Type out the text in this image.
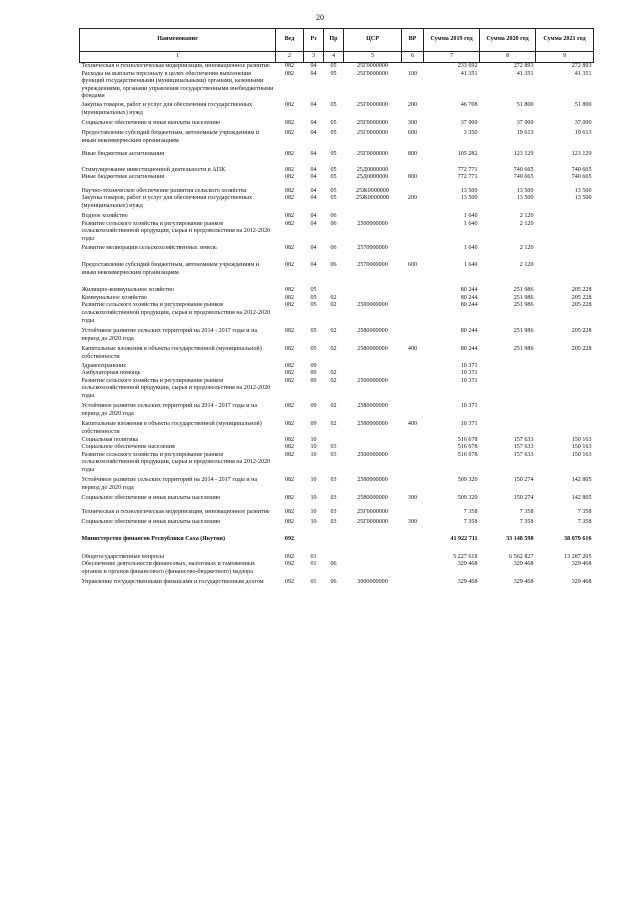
20
Наименование	Вед	Рз	Пр	ЦСР	ВР	Сумма 2019 год	Сумма 2020 год	Сумма 2021 год
1	2	3	4	5	6	7	8	9
Техническая и технологическая модернизация, инновационное развитие	082	04	05	25Г0000000		233 692	272 893	272 893
Расходы на выплаты персоналу в целях обеспечения выполнения функций государственными (муниципальными) органами, казенными учреждениями, органами управления государственными внебюджетными фондами	082	04	05	25Г0000000	100	41 351	41 351	41 351
Закупка товаров, работ и услуг для обеспечения государственных (муниципальных) нужд	082	04	05	25Г0000000	200	46 708	51 800	51 800
Социальное обеспечение и иные выплаты населению	082	04	05	25Г0000000	300	37 000	37 000	37 000
Предоставление субсидий бюджетным, автономным учреждениям и иным некоммерческим организациям	082	04	05	25Г0000000	600	3 350	19 613	19 613
Иные бюджетные ассигнования	082	04	05	25Г0000000	800	105 282	123 129	123 129
Стимулирование инвестиционной деятельности в АПК	082	04	05	25Д0000000		772 771	740 665	740 665
Иные бюджетные ассигнования	082	04	05	25Д0000000	800	772 771	740 665	740 665
Научно-техническое обеспечение развития сельского хозяйства	082	04	05	25Ж0000000		13 500	13 500	13 500
Закупка товаров, работ и услуг для обеспечения государственных (муниципальных) нужд	082	04	05	25Ж0000000	200	13 500	13 500	13 500
Водное хозяйство	082	04	06			1 640	2 120	
Развитие сельского хозяйства и регулирование рынков сельскохозяйственной продукции, сырья и продовольствия на 2012-2020 годы	082	04	06	2500000000		1 640	2 120	
Развитие мелиорации сельскохозяйственных земель	082	04	06	2570000000		1 640	2 120	
Предоставление субсидий бюджетным, автономным учреждениям и иным некоммерческим организациям	082	04	06	2570000000	600	1 640	2 120	
Жилищно-коммунальное хозяйство	082	05				80 244	251 986	205 228
Коммунальное хозяйство	082	05	02			80 244	251 986	205 228
Развитие сельского хозяйства и регулирование рынков сельскохозяйственной продукции, сырья и продовольствия на 2012-2020 годы	082	05	02	2500000000		80 244	251 986	205 228
Устойчивое развитие сельских территорий на 2014 - 2017 годы и на период до 2020 года	082	05	02	2580000000		80 244	251 986	205 228
Капитальные вложения в объекты государственной (муниципальной) собственности	082	05	02	2580000000	400	80 244	251 986	205 228
Здравоохранение	082	09				10 371		
Амбулаторная помощь	082	09	02			10 371		
Развитие сельского хозяйства и регулирование рынков сельскохозяйственной продукции, сырья и продовольствия на 2012-2020 годы	082	09	02	2500000000		10 371		
Устойчивое развитие сельских территорий на 2014 - 2017 годы и на период до 2020 года	082	09	02	2580000000		10 371		
Капитальные вложения в объекты государственной (муниципальной) собственности	082	09	02	2580000000	400	10 371		
Социальная политика	082	10				516 678	157 633	150 163
Социальное обеспечение населения	082	10	03			516 678	157 633	150 163
Развитие сельского хозяйства и регулирование рынков сельскохозяйственной продукции, сырья и продовольствия на 2012-2020 годы	082	10	03	2500000000		516 678	157 633	150 163
Устойчивое развитие сельских территорий на 2014 - 2017 годы и на период до 2020 года	082	10	03	2580000000		509 320	150 274	142 805
Социальное обеспечение и иные выплаты населению	082	10	03	2580000000	300	509 320	150 274	142 805
Техническая и технологическая модернизация, инновационное развитие	082	10	03	25Г0000000		7 358	7 358	7 358
Социальное обеспечение и иные выплаты населению	082	10	03	25Г0000000	300	7 358	7 358	7 358
Министерство финансов Республики Саха (Якутия)	092					41 922 711	33 148 598	38 079 616
Общегосударственные вопросы	092	01				5 227 618	6 562 827	13 287 205
Обеспечение деятельности финансовых, налоговых и таможенных органов и органов финансового (финансово-бюджетного) надзора	092	01	06			329 468	329 468	329 468
Управление государственными финансами и государственным долгом	092	01	06	3000000000		329 468	329 468	329 468
